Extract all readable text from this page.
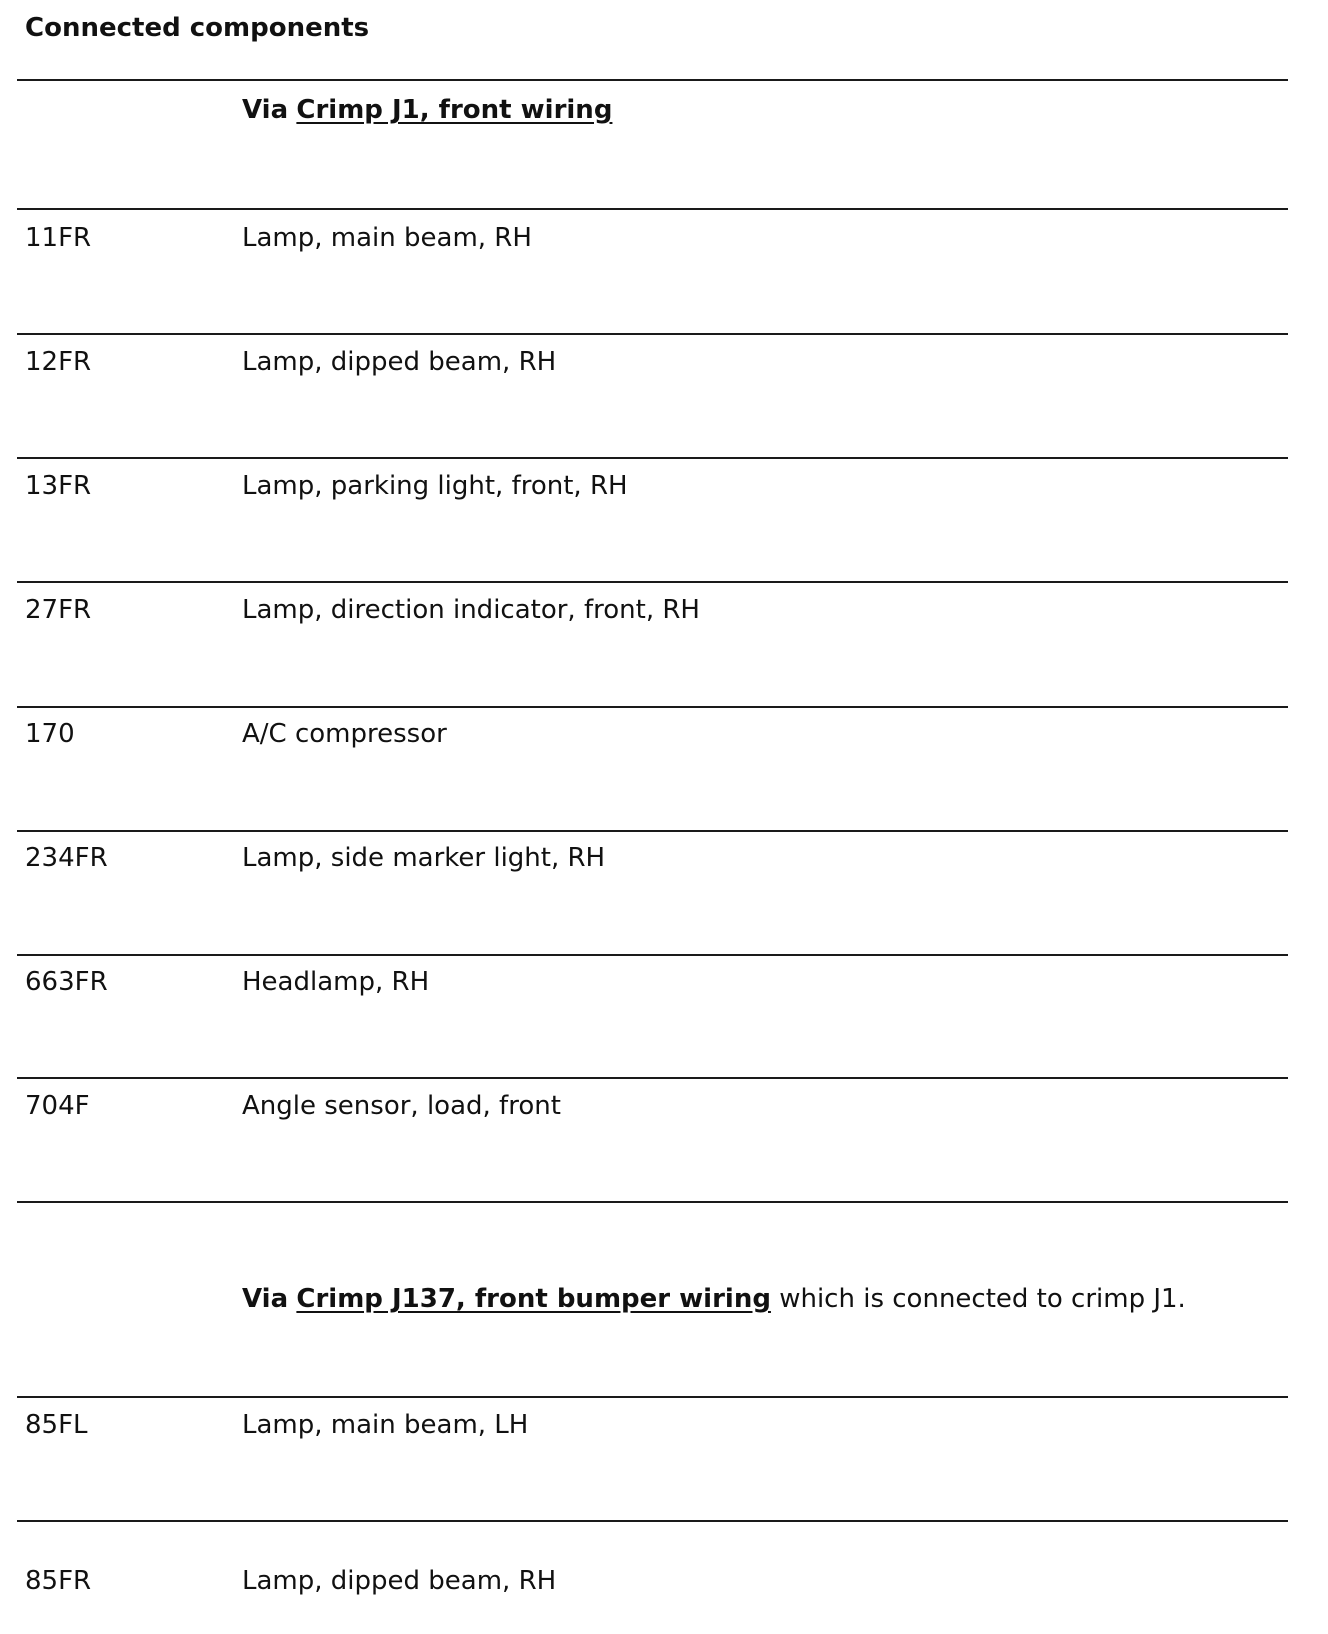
Connected components
Via Crimp J1, front wiring
11FR	Lamp, main beam, RH
12FR	Lamp, dipped beam, RH
13FR	Lamp, parking light, front, RH
27FR	Lamp, direction indicator, front, RH
170	A/C compressor
234FR	Lamp, side marker light, RH
663FR	Headlamp, RH
704F	Angle sensor, load, front
Via Crimp J137, front bumper wiring which is connected to crimp J1.
85FL	Lamp, main beam, LH
85FR	Lamp, dipped beam, RH
